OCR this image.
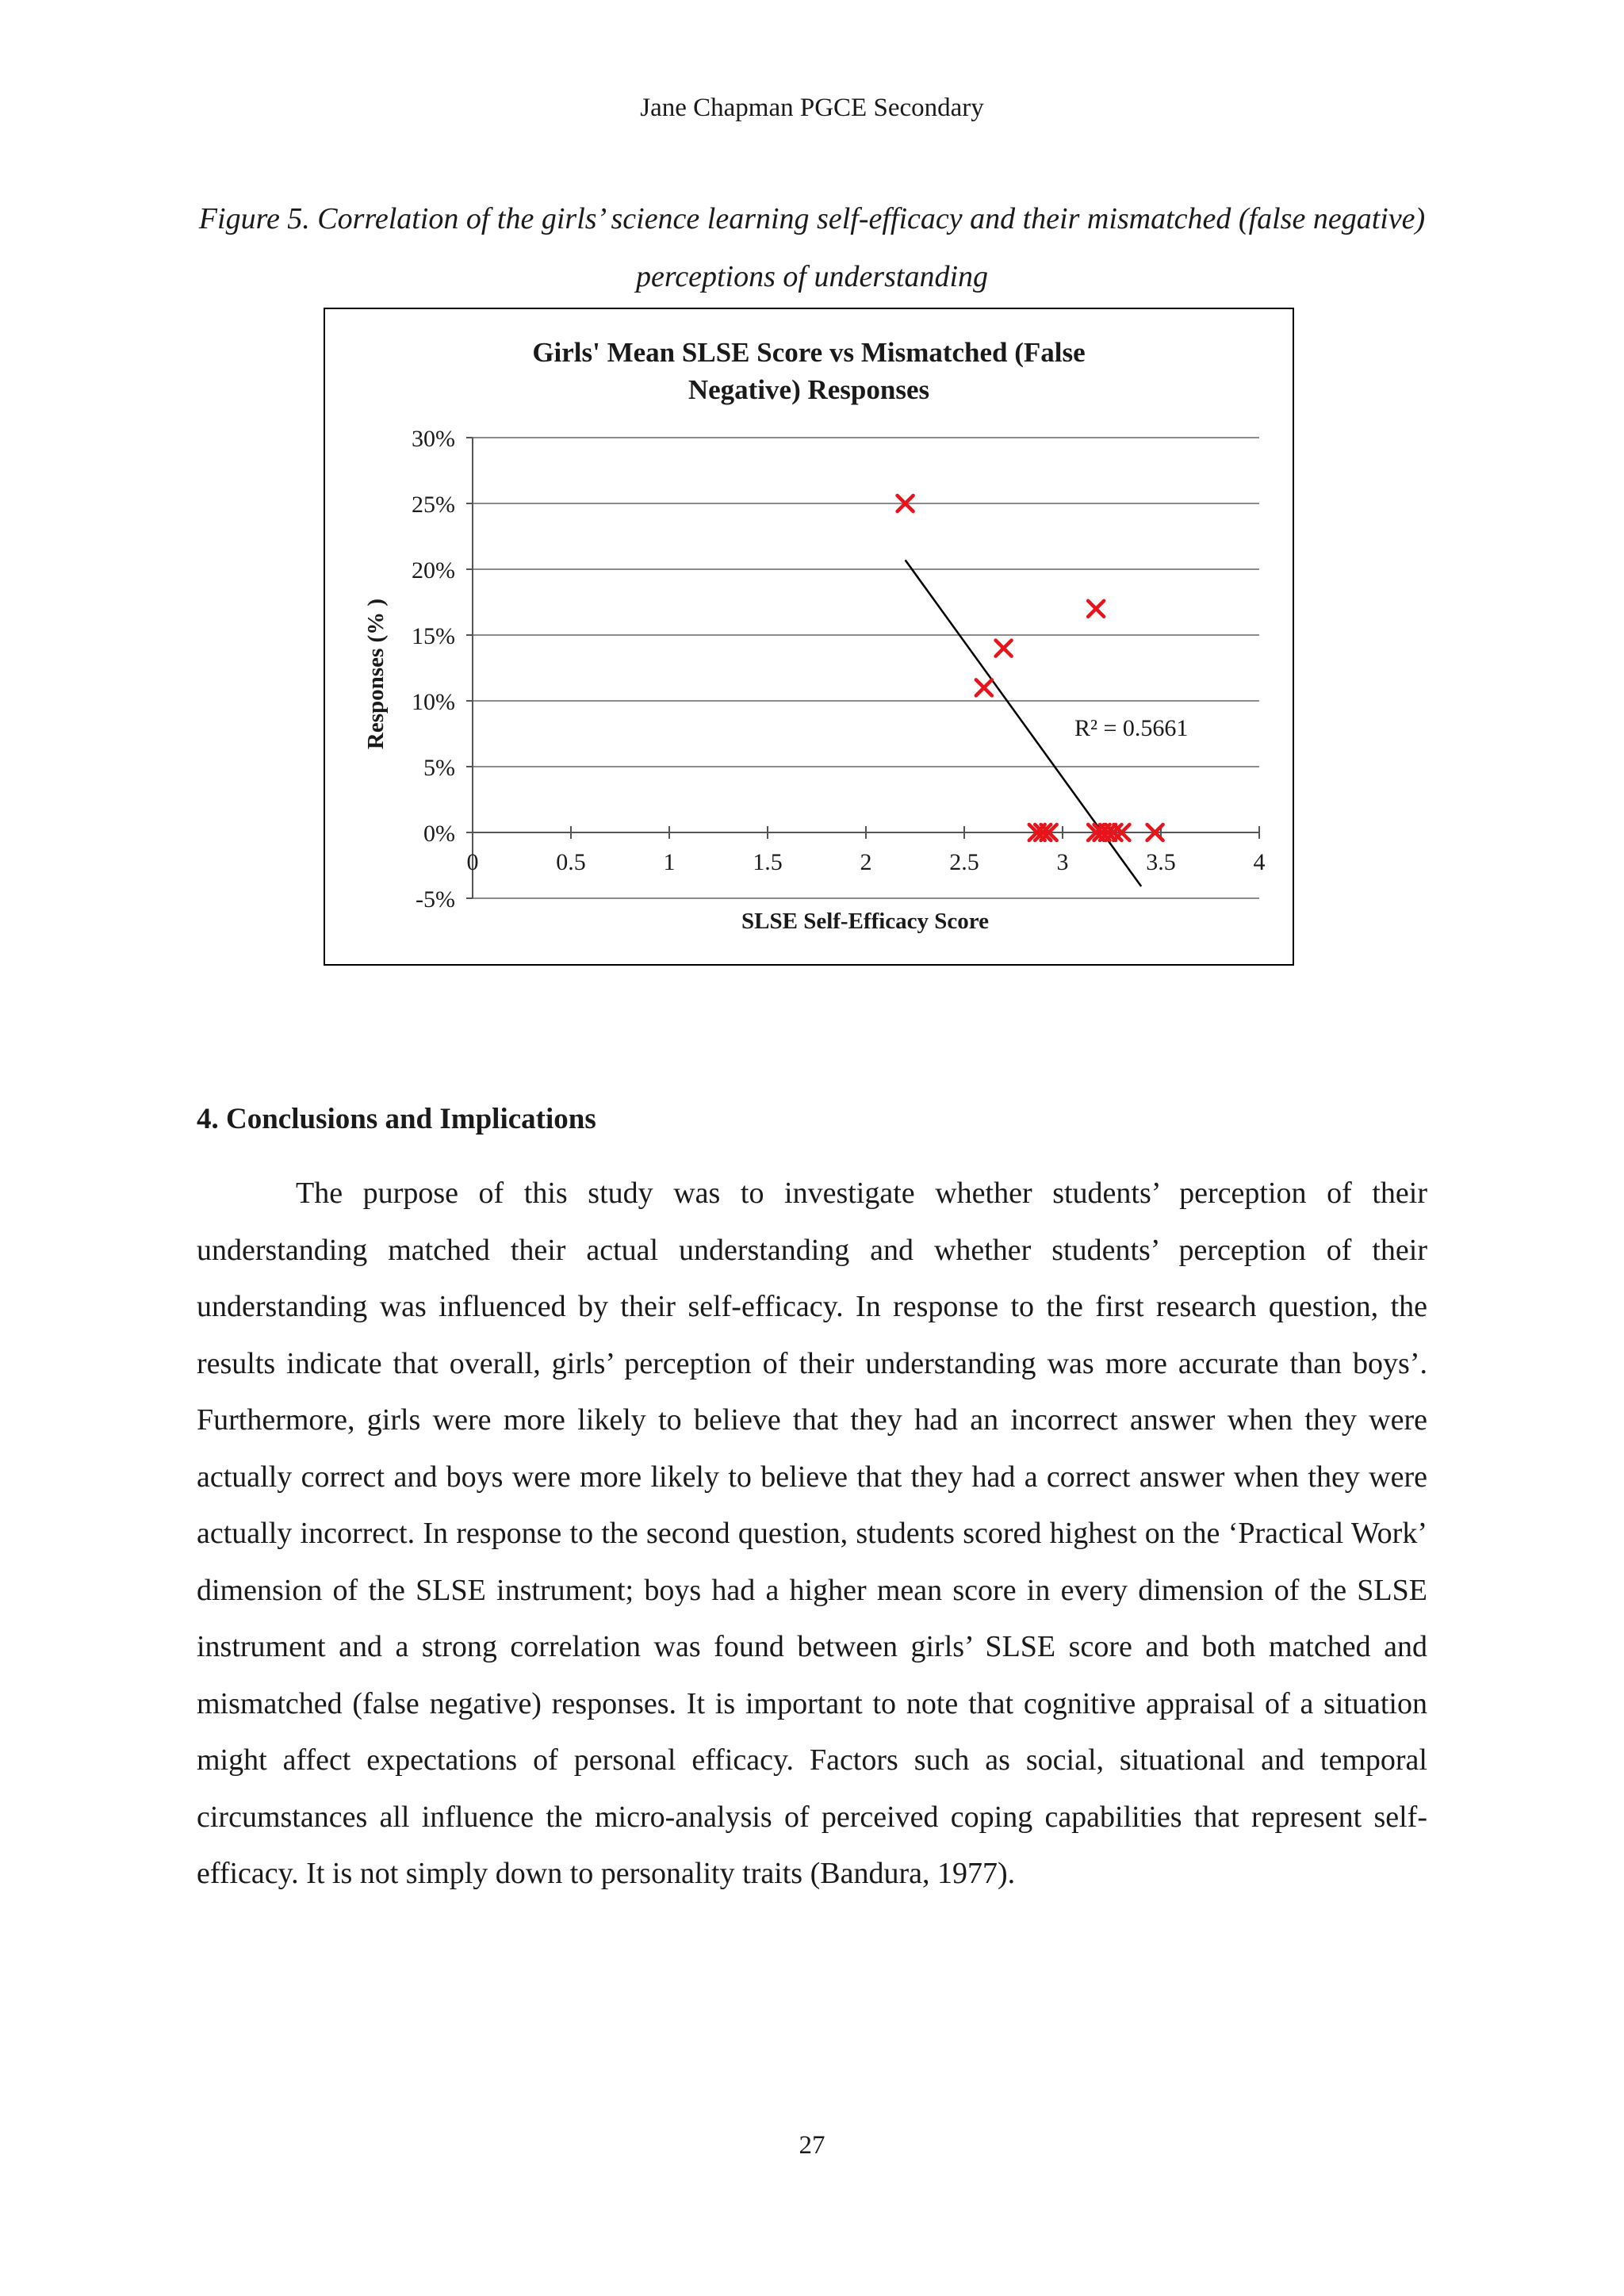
Jane Chapman PGCE Secondary
Figure 5. Correlation of the girls’ science learning self-efficacy and their mismatched (false negative) perceptions of understanding
Girls' Mean SLSE Score vs Mismatched (False
Negative) Responses
SLSE Self-Efficacy Score
Responses (% )
30%
25%
20%
15%
10%
5%
0%
-5%
0	0.5	1	1.5	2	2.5	3	3.5	4
R² = 0.5661
4. Conclusions and Implications

The purpose of this study was to investigate whether students’ perception of their understanding matched their actual understanding and whether students’ perception of their understanding was influenced by their self-efficacy. In response to the first research question, the results indicate that overall, girls’ perception of their understanding was more accurate than boys’. Furthermore, girls were more likely to believe that they had an incorrect answer when they were actually correct and boys were more likely to believe that they had a correct answer when they were actually incorrect. In response to the second question, students scored highest on the ‘Practical Work’ dimension of the SLSE instrument; boys had a higher mean score in every dimension of the SLSE instrument and a strong correlation was found between girls’ SLSE score and both matched and mismatched (false negative) responses. It is important to note that cognitive appraisal of a situation might affect expectations of personal efficacy. Factors such as social, situational and temporal circumstances all influence the micro-analysis of perceived coping capabilities that represent self-efficacy. It is not simply down to personality traits (Bandura, 1977).

27
